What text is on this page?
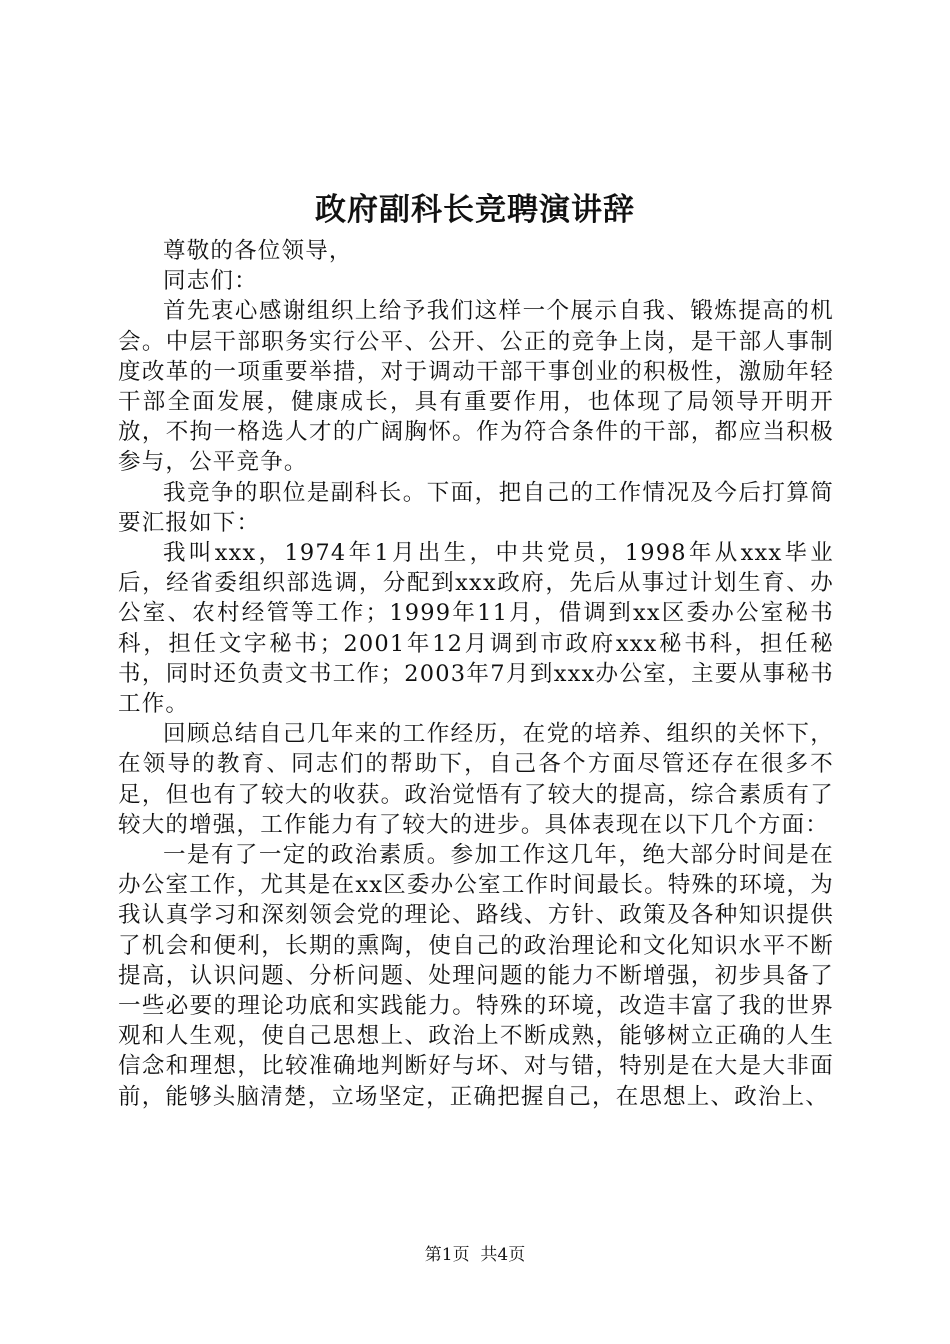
政府副科长竞聘演讲辞

尊敬的各位领导，

同志们：

首先衷心感谢组织上给予我们这样一个展示自我、锻炼提高的机会。中层干部职务实行公平、公开、公正的竞争上岗，是干部人事制度改革的一项重要举措，对于调动干部干事创业的积极性，激励年轻干部全面发展，健康成长，具有重要作用，也体现了局领导开明开放，不拘一格选人才的广阔胸怀。作为符合条件的干部，都应当积极参与，公平竞争。

我竞争的职位是副科长。下面，把自己的工作情况及今后打算简要汇报如下：

我叫xxx，1974年1月出生，中共党员，1998年从xxx毕业后，经省委组织部选调，分配到xxx政府，先后从事过计划生育、办公室、农村经管等工作；1999年11月，借调到xx区委办公室秘书科，担任文字秘书；2001年12月调到市政府xxx秘书科，担任秘书，同时还负责文书工作；2003年7月到xxx办公室，主要从事秘书工作。

回顾总结自己几年来的工作经历，在党的培养、组织的关怀下，在领导的教育、同志们的帮助下，自己各个方面尽管还存在很多不足，但也有了较大的收获。政治觉悟有了较大的提高，综合素质有了较大的增强，工作能力有了较大的进步。具体表现在以下几个方面：

一是有了一定的政治素质。参加工作这几年，绝大部分时间是在办公室工作，尤其是在xx区委办公室工作时间最长。特殊的环境，为我认真学习和深刻领会党的理论、路线、方针、政策及各种知识提供了机会和便利，长期的熏陶，使自己的政治理论和文化知识水平不断提高，认识问题、分析问题、处理问题的能力不断增强，初步具备了一些必要的理论功底和实践能力。特殊的环境，改造丰富了我的世界观和人生观，使自己思想上、政治上不断成熟，能够树立正确的人生信念和理想，比较准确地判断好与坏、对与错，特别是在大是大非面前，能够头脑清楚，立场坚定，正确把握自己，在思想上、政治上、

第1页  共4页
